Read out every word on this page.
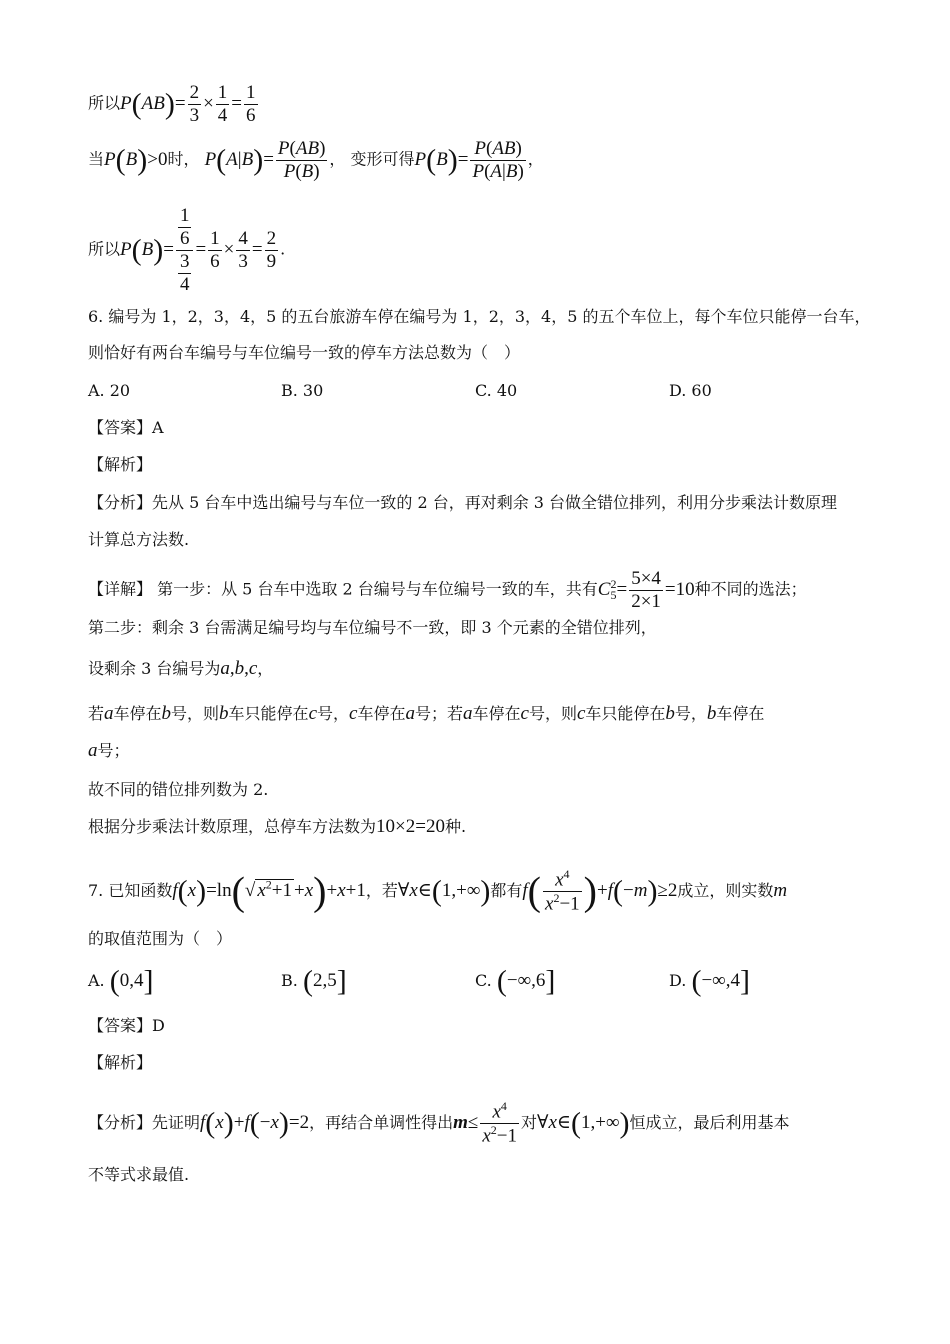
所以$P(AB)= \frac{2}{3} \times \frac{1}{4} = \frac{1}{6}$
当P(B)>0时， $P(A|B)= \frac{P(AB)}{P(B)}$ ， 变形可得$P(B)= \frac{P(AB)}{P(A|B)}$ ，
所以$P(B)= \frac{\frac{1}{6}}{\frac{3}{4}} = \frac{1}{6} \times \frac{4}{3} = \frac{2}{9}$ .
6. 编号为 1，2，3，4，5 的五台旅游车停在编号为 1，2，3，4，5 的五个车位上，每个车位只能停一台车，
则恰好有两台车编号与车位编号一致的停车方法总数为（　）
A. 20	B. 30	C. 40	D. 60
【答案】A
【解析】
【分析】先从 5 台车中选出编号与车位一致的 2 台，再对剩余 3 台做全错位排列，利用分步乘法计数原理
计算总方法数.
【详解】 第一步：从 5 台车中选取 2 台编号与车位编号一致的车，共有C 2
$5 = \frac{5\times 4}{2\times 1} =10$种不同的选法；
第二步：剩余 3 台需满足编号均与车位编号不一致，即 3 个元素的全错位排列，
设剩余 3 台编号为a,b,c，
若a车停在b号，则b车只能停在c号，c车停在a号；若a车停在c号，则c车只能停在b号，b车停在
a号；
故不同的错位排列数为 2.
根据分步乘法计数原理，总停车方法数为10×2=20种.
7. 已知函数f(x)=ln(√ $x^2+1 +x)+x+1$，若∀x∈(1,+∞)都有$f( \frac{x^4}{x^2-1} )+f(-m)\ge 2$成立，则实数m
的取值范围为（　）
A. (0,4]	B. (2,5]	C. (−∞,6]	D. (−∞,4]
【答案】D
【解析】
【分析】先证明f(x)+f(−x)=2，再结合单调性得出$m\le \frac{x^4}{x^2-1}$ 对∀x∈(1,+∞)恒成立，最后利用基本
不等式求最值.
